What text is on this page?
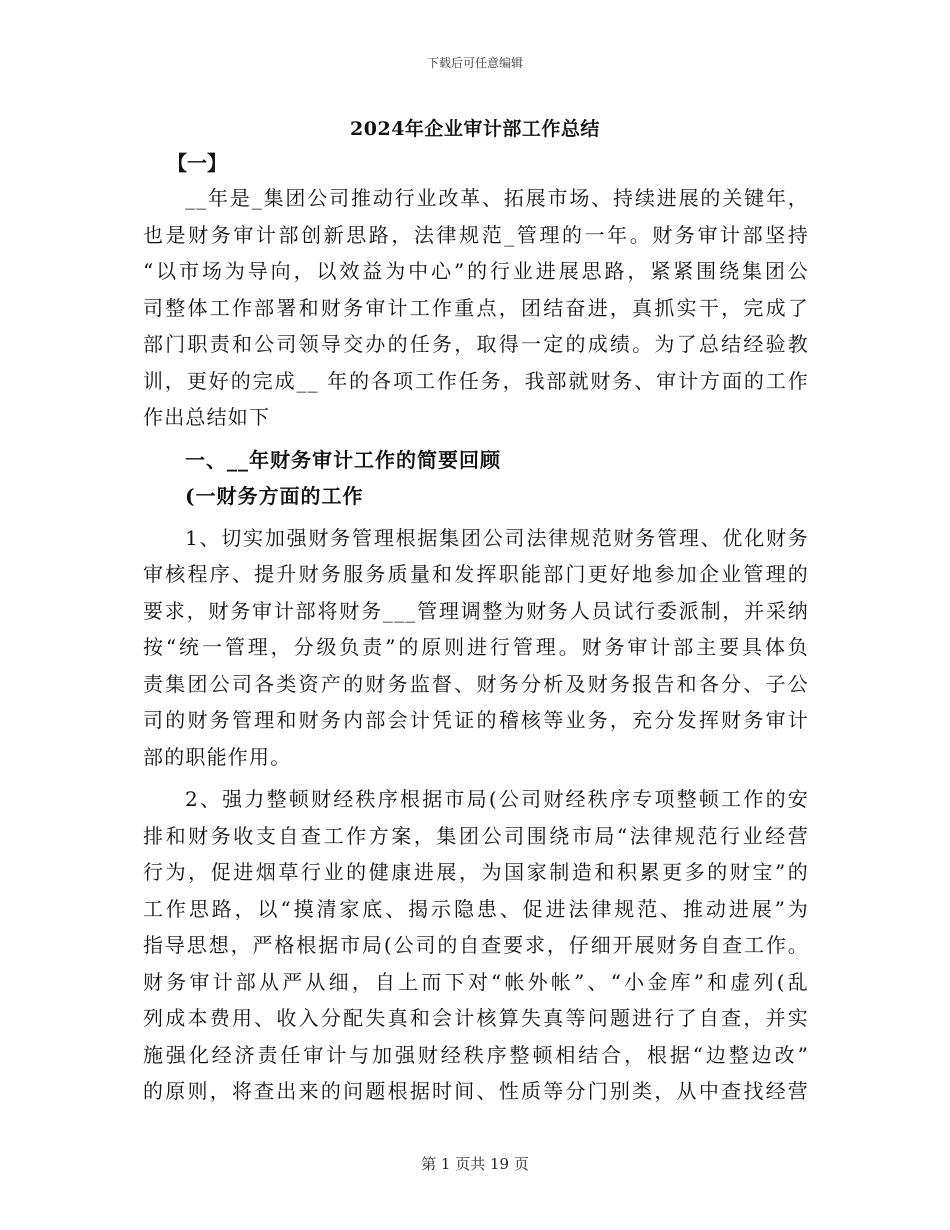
下载后可任意编辑
2024年企业审计部工作总结
【一】
__年是_集团公司推动行业改革、拓展市场、持续进展的关键年，
也是财务审计部创新思路，法律规范_管理的一年。财务审计部坚持
“以市场为导向，以效益为中心”的行业进展思路，紧紧围绕集团公
司整体工作部署和财务审计工作重点，团结奋进，真抓实干，完成了
部门职责和公司领导交办的任务，取得一定的成绩。为了总结经验教
训，更好的完成__ 年的各项工作任务，我部就财务、审计方面的工作
作出总结如下
一、__年财务审计工作的简要回顾
(一财务方面的工作
1、切实加强财务管理根据集团公司法律规范财务管理、优化财务
审核程序、提升财务服务质量和发挥职能部门更好地参加企业管理的
要求，财务审计部将财务___管理调整为财务人员试行委派制，并采纳
按“统一管理，分级负责”的原则进行管理。财务审计部主要具体负
责集团公司各类资产的财务监督、财务分析及财务报告和各分、子公
司的财务管理和财务内部会计凭证的稽核等业务，充分发挥财务审计
部的职能作用。
2、强力整顿财经秩序根据市局(公司财经秩序专项整顿工作的安
排和财务收支自查工作方案，集团公司围绕市局“法律规范行业经营
行为，促进烟草行业的健康进展，为国家制造和积累更多的财宝”的
工作思路，以“摸清家底、揭示隐患、促进法律规范、推动进展”为
指导思想，严格根据市局(公司的自查要求，仔细开展财务自查工作。
财务审计部从严从细，自上而下对“帐外帐”、“小金库”和虚列(乱
列成本费用、收入分配失真和会计核算失真等问题进行了自查，并实
施强化经济责任审计与加强财经秩序整顿相结合，根据“边整边改”
的原则，将查出来的问题根据时间、性质等分门别类，从中查找经营
第 1 页共 19 页
